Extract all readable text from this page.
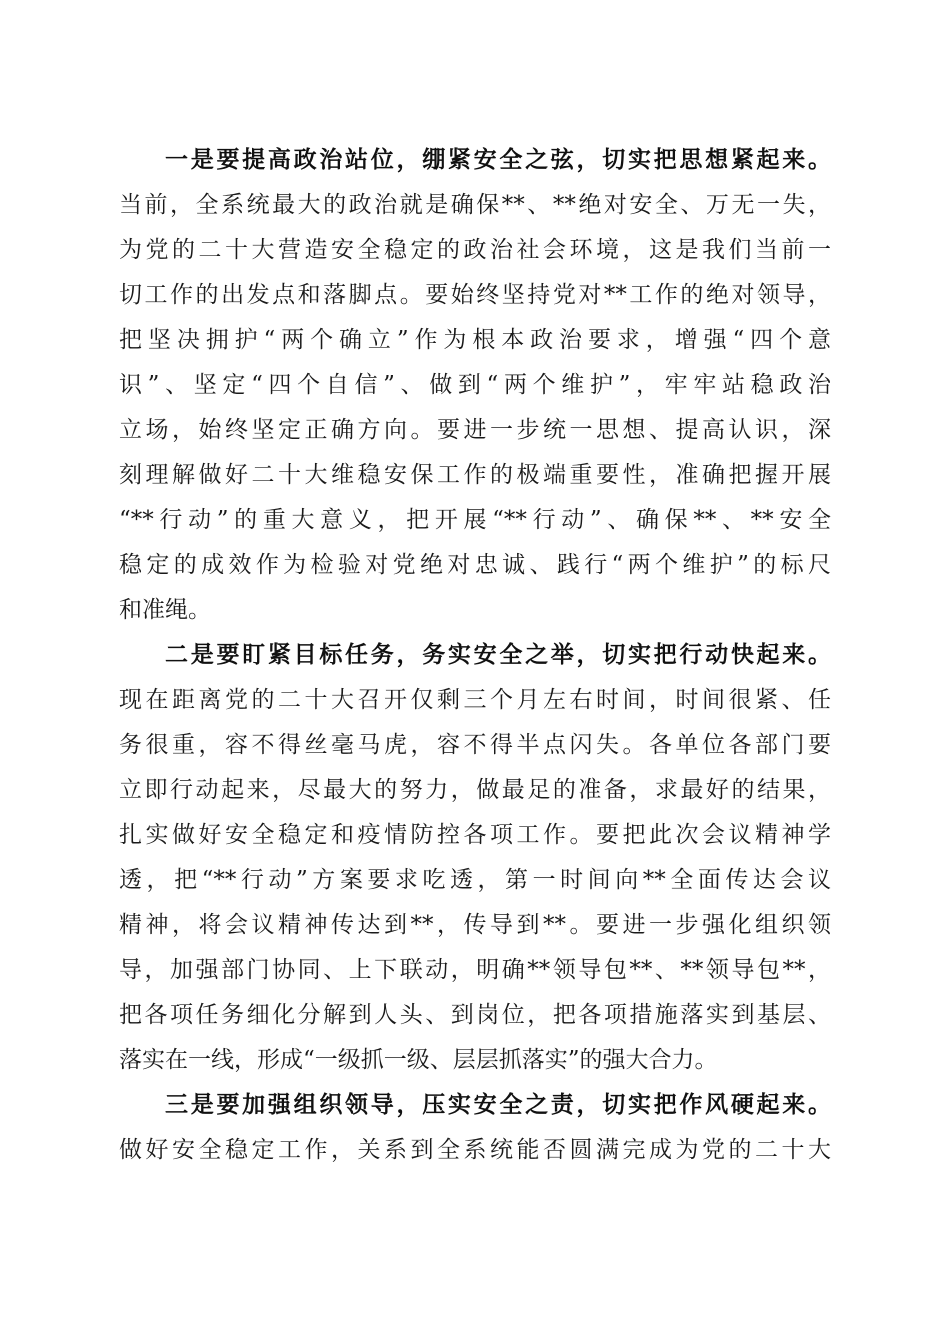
一是要提高政治站位，绷紧安全之弦，切实把思想紧起来。
当前，全系统最大的政治就是确保**、**绝对安全、万无一失，
为党的二十大营造安全稳定的政治社会环境，这是我们当前一
切工作的出发点和落脚点。要始终坚持党对**工作的绝对领导，
把坚决拥护“两个确立”作为根本政治要求，增强“四个意
识”、坚定“四个自信”、做到“两个维护”，牢牢站稳政治
立场，始终坚定正确方向。要进一步统一思想、提高认识，深
刻理解做好二十大维稳安保工作的极端重要性，准确把握开展
“**行动”的重大意义，把开展“**行动”、确保**、**安全
稳定的成效作为检验对党绝对忠诚、践行“两个维护”的标尺
和准绳。
二是要盯紧目标任务，务实安全之举，切实把行动快起来。
现在距离党的二十大召开仅剩三个月左右时间，时间很紧、任
务很重，容不得丝毫马虎，容不得半点闪失。各单位各部门要
立即行动起来，尽最大的努力，做最足的准备，求最好的结果，
扎实做好安全稳定和疫情防控各项工作。要把此次会议精神学
透，把“**行动”方案要求吃透，第一时间向**全面传达会议
精神，将会议精神传达到**，传导到**。要进一步强化组织领
导，加强部门协同、上下联动，明确**领导包**、**领导包**，
把各项任务细化分解到人头、到岗位，把各项措施落实到基层、
落实在一线，形成“一级抓一级、层层抓落实”的强大合力。
三是要加强组织领导，压实安全之责，切实把作风硬起来。
做好安全稳定工作，关系到全系统能否圆满完成为党的二十大
